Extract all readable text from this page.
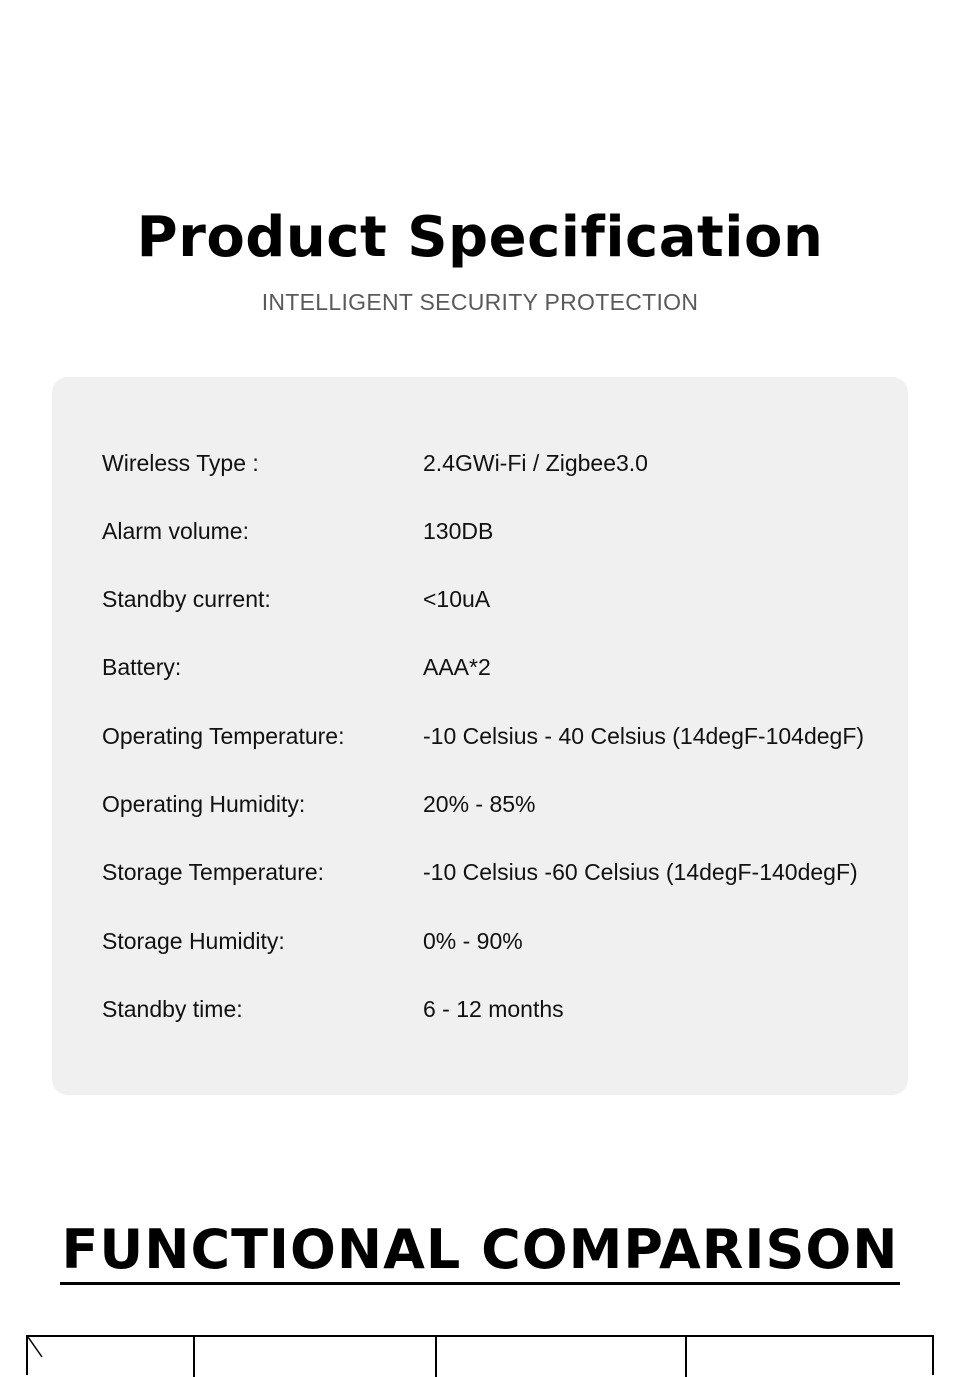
Product Specification
INTELLIGENT SECURITY PROTECTION
Wireless Type :	2.4GWi-Fi / Zigbee3.0
Alarm volume:	130DB
Standby current:	<10uA
Battery:	AAA*2
Operating Temperature:	-10 Celsius - 40 Celsius (14degF-104degF)
Operating Humidity:	20% - 85%
Storage Temperature:	-10 Celsius -60 Celsius (14degF-140degF)
Storage Humidity:	0% - 90%
Standby time:	6 - 12 months
FUNCTIONAL COMPARISON
